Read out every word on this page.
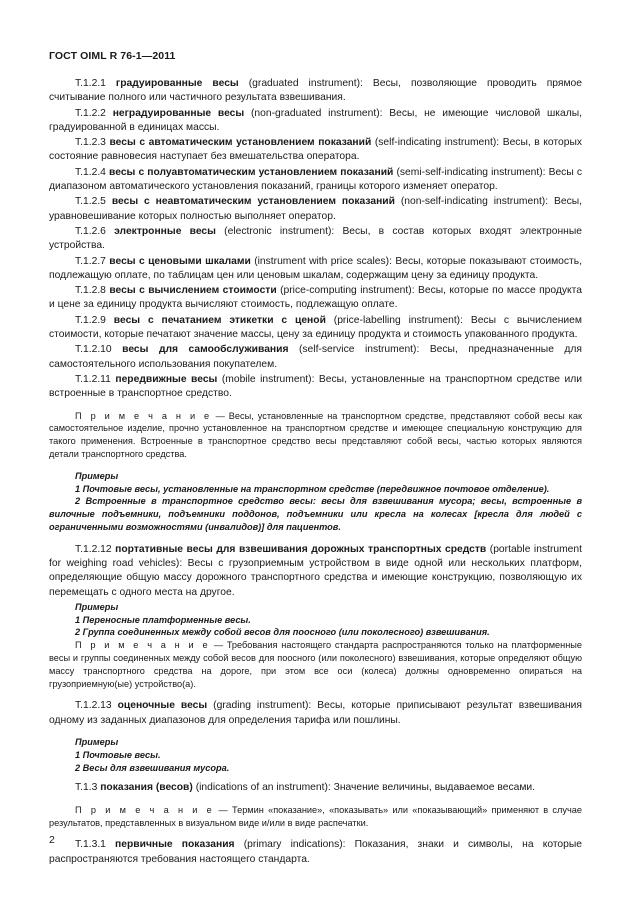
ГОСТ OIML R 76-1—2011

Т.1.2.1 градуированные весы (graduated instrument): Весы, позволяющие проводить прямое считывание полного или частичного результата взвешивания.

Т.1.2.2 неградуированные весы (non-graduated instrument): Весы, не имеющие числовой шкалы, градуированной в единицах массы.

Т.1.2.3 весы с автоматическим установлением показаний (self-indicating instrument): Весы, в которых состояние равновесия наступает без вмешательства оператора.

Т.1.2.4 весы с полуавтоматическим установлением показаний (semi-self-indicating instrument): Весы с диапазоном автоматического установления показаний, границы которого изменяет оператор.

Т.1.2.5 весы с неавтоматическим установлением показаний (non-self-indicating instrument): Весы, уравновешивание которых полностью выполняет оператор.

Т.1.2.6 электронные весы (electronic instrument): Весы, в состав которых входят электронные устройства.

Т.1.2.7 весы с ценовыми шкалами (instrument with price scales): Весы, которые показывают стоимость, подлежащую оплате, по таблицам цен или ценовым шкалам, содержащим цену за единицу продукта.

Т.1.2.8 весы с вычислением стоимости (price-computing instrument): Весы, которые по массе продукта и цене за единицу продукта вычисляют стоимость, подлежащую оплате.

Т.1.2.9 весы с печатанием этикетки с ценой (price-labelling instrument): Весы с вычислением стоимости, которые печатают значение массы, цену за единицу продукта и стоимость упакованного продукта.

Т.1.2.10 весы для самообслуживания (self-service instrument): Весы, предназначенные для самостоятельного использования покупателем.

Т.1.2.11 передвижные весы (mobile instrument): Весы, установленные на транспортном средстве или встроенные в транспортное средство.

П р и м е ч а н и е — Весы, установленные на транспортном средстве, представляют собой весы как самостоятельное изделие, прочно установленное на транспортном средстве и имеющее специальную конструкцию для такого применения. Встроенные в транспортное средство весы представляют собой весы, частью которых являются детали транспортного средства.

Примеры

1 Почтовые весы, установленные на транспортном средстве (передвижное почтовое отделение).

2 Встроенные в транспортное средство весы: весы для взвешивания мусора; весы, встроенные в вилочные подъемники, подъемники поддонов, подъемники или кресла на колесах [кресла для людей с ограниченными возможностями (инвалидов)] для пациентов.

Т.1.2.12 портативные весы для взвешивания дорожных транспортных средств (portable instrument for weighing road vehicles): Весы с грузоприемным устройством в виде одной или нескольких платформ, определяющие общую массу дорожного транспортного средства и имеющие конструкцию, позволяющую их перемещать с одного места на другое.

Примеры

1 Переносные платформенные весы.

2 Группа соединенных между собой весов для поосного (или поколесного) взвешивания.

П р и м е ч а н и е — Требования настоящего стандарта распространяются только на платформенные весы и группы соединенных между собой весов для поосного (или поколесного) взвешивания, которые определяют общую массу транспортного средства на дороге, при этом все оси (колеса) должны одновременно опираться на грузоприемную(ые) устройство(а).

Т.1.2.13 оценочные весы (grading instrument): Весы, которые приписывают результат взвешивания одному из заданных диапазонов для определения тарифа или пошлины.

Примеры

1 Почтовые весы.

2 Весы для взвешивания мусора.

Т.1.3 показания (весов) (indications of an instrument): Значение величины, выдаваемое весами.

П р и м е ч а н и е — Термин «показание», «показывать» или «показывающий» применяют в случае результатов, представленных в визуальном виде и/или в виде распечатки.

Т.1.3.1 первичные показания (primary indications): Показания, знаки и символы, на которые распространяются требования настоящего стандарта.

2
